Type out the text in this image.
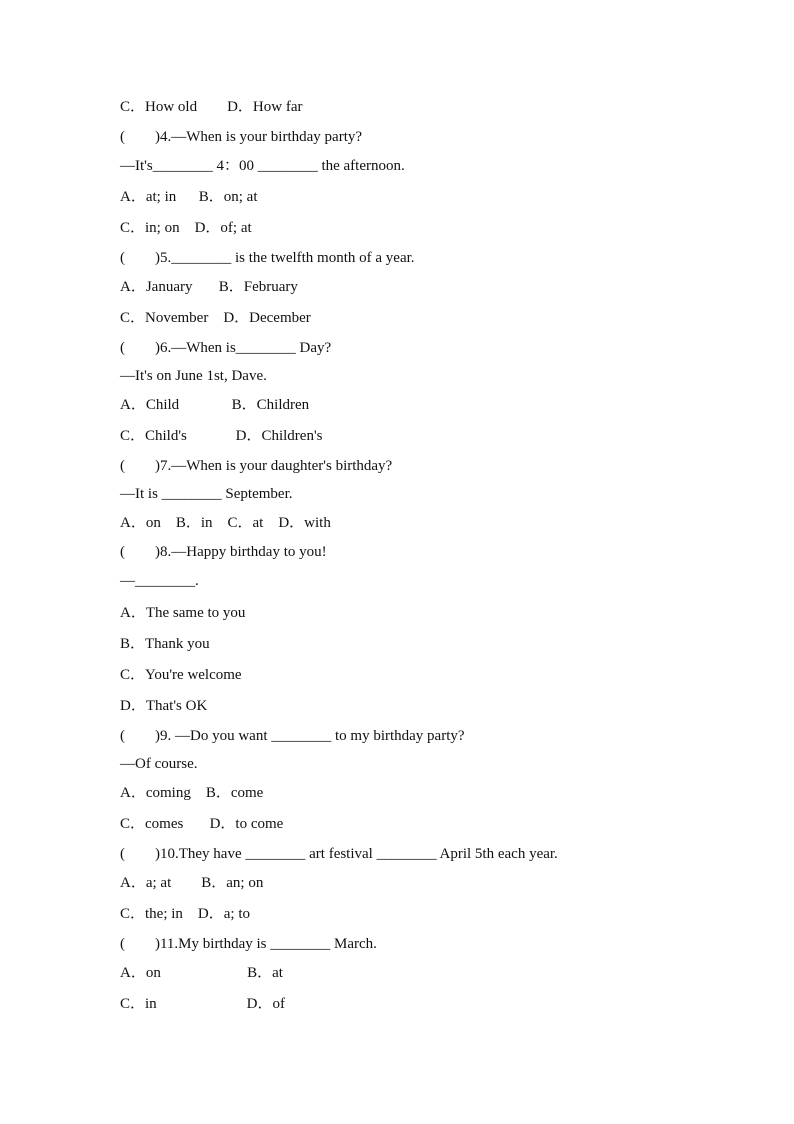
C．How old        D．How far
(        )4.—When is your birthday party?
—It's________ 4：00 ________ the afternoon.
A．at; in      B．on; at
C．in; on    D．of; at
(        )5.________ is the twelfth month of a year.
A．January       B．February
C．November    D．December
(        )6.—When is________ Day?
—It's on June 1st, Dave.
A．Child              B．Children
C．Child's             D．Children's
(        )7.—When is your daughter's birthday?
—It is ________ September.
A．on    B．in    C．at    D．with
(        )8.—Happy birthday to you!
—________.
A．The same to you
B．Thank you
C．You're welcome
D．That's OK
(        )9. —Do you want ________ to my birthday party?
—Of course.
A．coming    B．come
C．comes       D．to come
(        )10.They have ________ art festival ________ April 5th each year.
A．a; at        B．an; on
C．the; in    D．a; to
(        )11.My birthday is ________ March.
A．on                       B．at
C．in                        D．of
